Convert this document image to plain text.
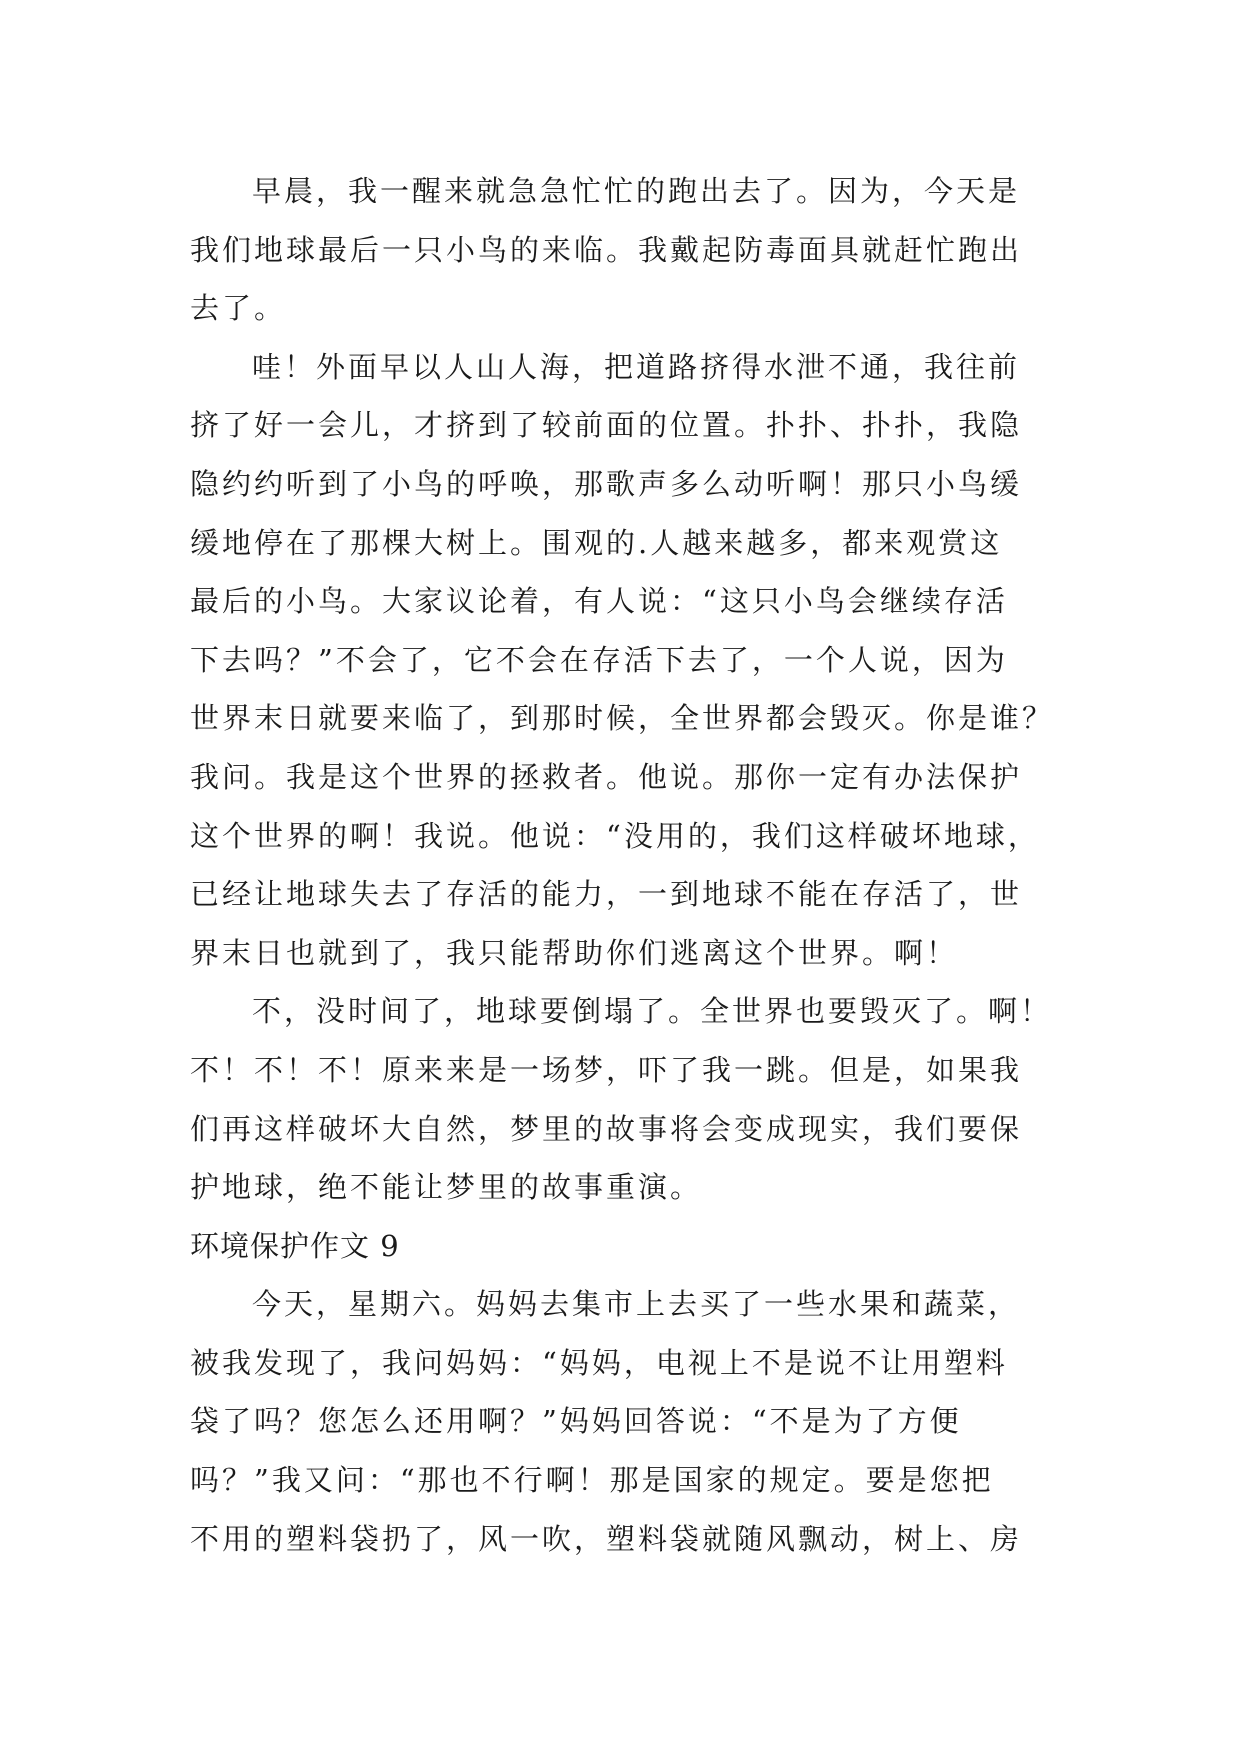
早晨，我一醒来就急急忙忙的跑出去了。因为，今天是
我们地球最后一只小鸟的来临。我戴起防毒面具就赶忙跑出
去了。
哇！外面早以人山人海，把道路挤得水泄不通，我往前
挤了好一会儿，才挤到了较前面的位置。扑扑、扑扑，我隐
隐约约听到了小鸟的呼唤，那歌声多么动听啊！那只小鸟缓
缓地停在了那棵大树上。围观的.人越来越多，都来观赏这
最后的小鸟。大家议论着，有人说：“这只小鸟会继续存活
下去吗？”不会了，它不会在存活下去了，一个人说，因为
世界末日就要来临了，到那时候，全世界都会毁灭。你是谁？
我问。我是这个世界的拯救者。他说。那你一定有办法保护
这个世界的啊！我说。他说：“没用的，我们这样破坏地球，
已经让地球失去了存活的能力，一到地球不能在存活了，世
界末日也就到了，我只能帮助你们逃离这个世界。啊！
不，没时间了，地球要倒塌了。全世界也要毁灭了。啊！
不！不！不！原来来是一场梦，吓了我一跳。但是，如果我
们再这样破坏大自然，梦里的故事将会变成现实，我们要保
护地球，绝不能让梦里的故事重演。
环境保护作文 9
今天，星期六。妈妈去集市上去买了一些水果和蔬菜，
被我发现了，我问妈妈：“妈妈，电视上不是说不让用塑料
袋了吗？您怎么还用啊？”妈妈回答说：“不是为了方便
吗？”我又问：“那也不行啊！那是国家的规定。要是您把
不用的塑料袋扔了，风一吹，塑料袋就随风飘动，树上、房
